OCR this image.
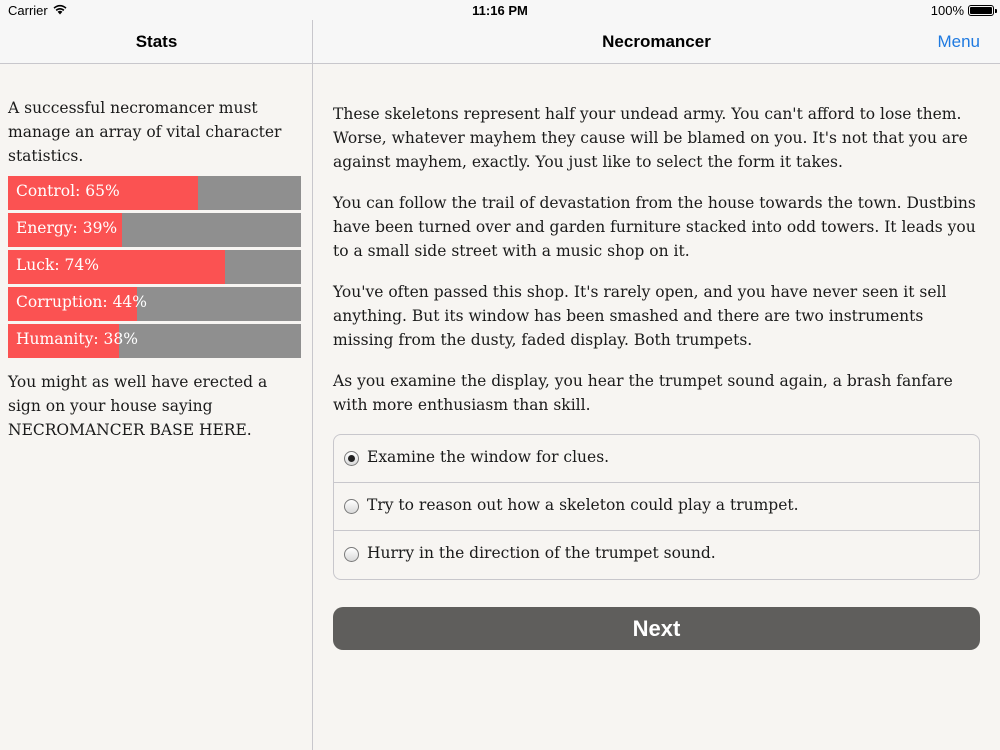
Carrier	11:16 PM	100%
Stats	Necromancer	Menu

A successful necromancer must manage an array of vital character statistics.

Control: 65%
Energy: 39%
Luck: 74%
Corruption: 44%
Humanity: 38%

You might as well have erected a sign on your house saying NECROMANCER BASE HERE.

These skeletons represent half your undead army. You can't afford to lose them. Worse, whatever mayhem they cause will be blamed on you. It's not that you are against mayhem, exactly. You just like to select the form it takes.

You can follow the trail of devastation from the house towards the town. Dustbins have been turned over and garden furniture stacked into odd towers. It leads you to a small side street with a music shop on it.

You've often passed this shop. It's rarely open, and you have never seen it sell anything. But its window has been smashed and there are two instruments missing from the dusty, faded display. Both trumpets.

As you examine the display, you hear the trumpet sound again, a brash fanfare with more enthusiasm than skill.

Examine the window for clues.
Try to reason out how a skeleton could play a trumpet.
Hurry in the direction of the trumpet sound.
Next
